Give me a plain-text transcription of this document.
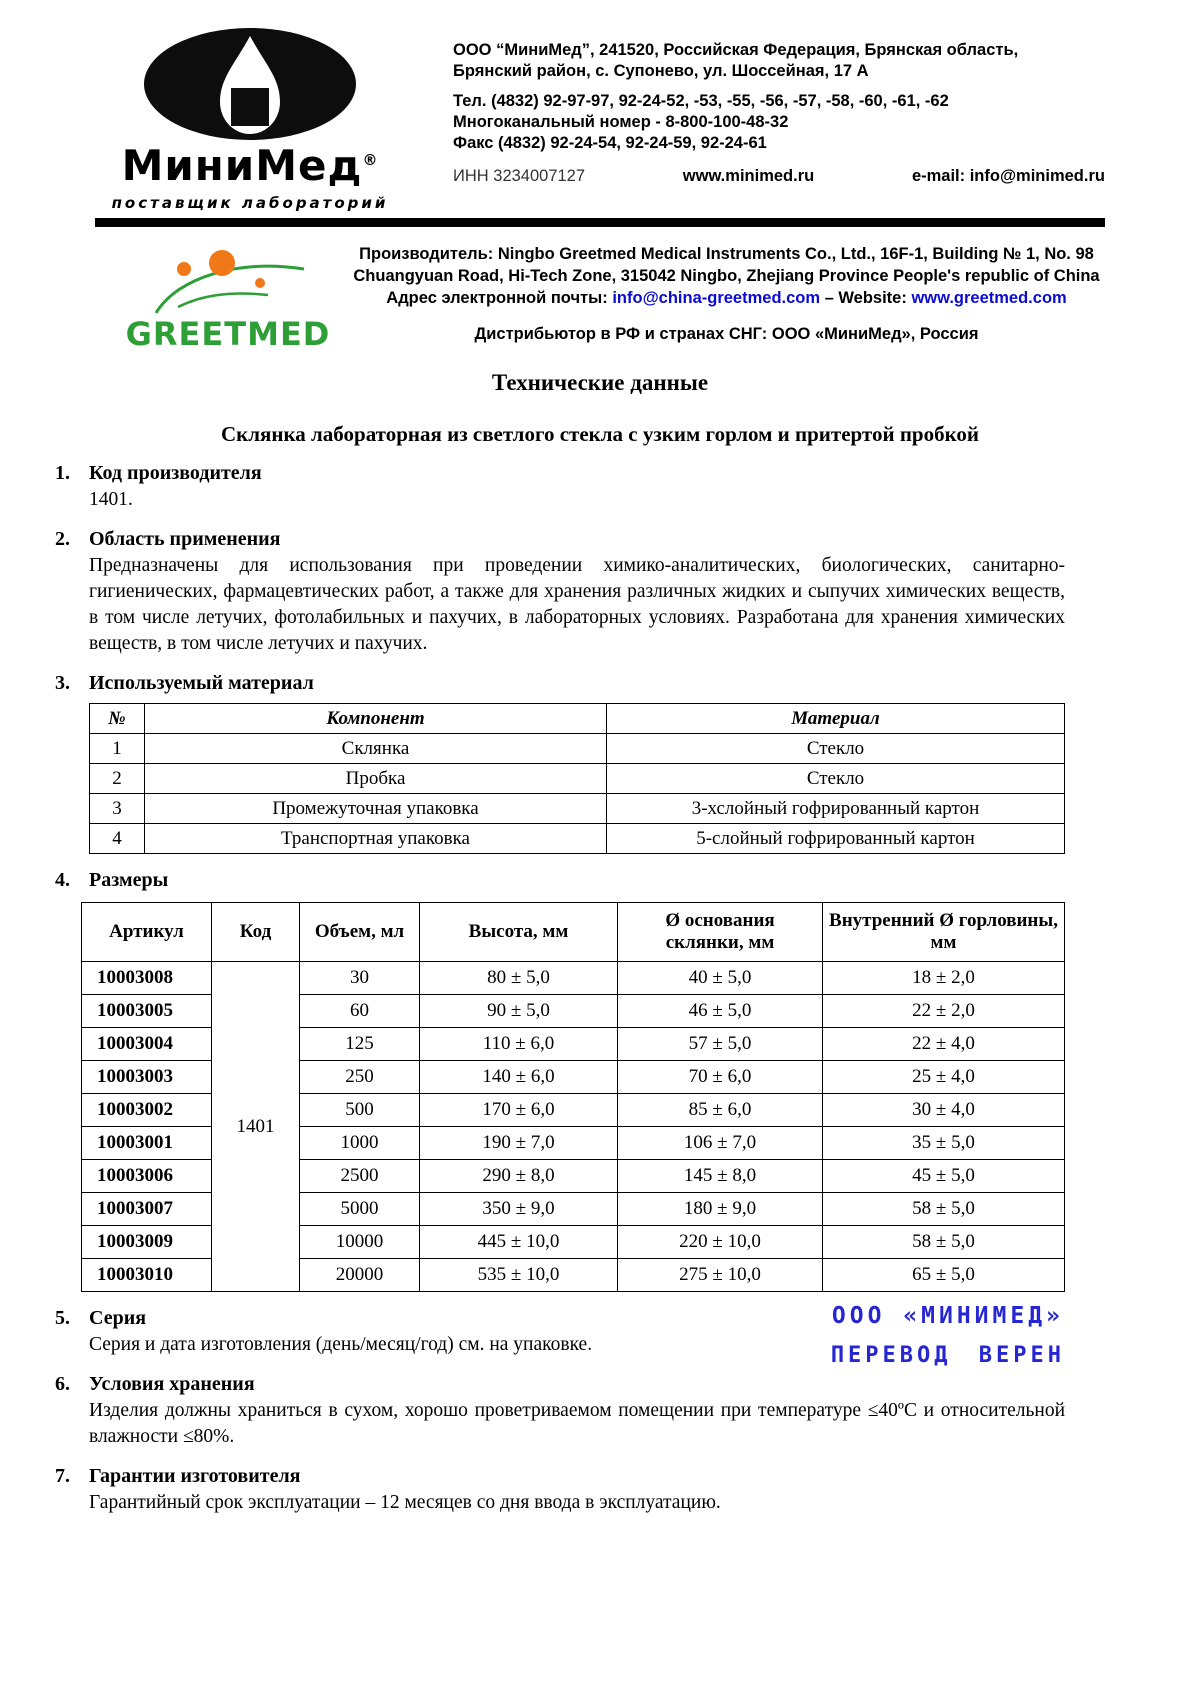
МиниМед®
поставщик лабораторий
ООО “МиниМед”, 241520, Российская Федерация, Брянская область,
Брянский район, с. Супонево, ул. Шоссейная, 17 А
Тел. (4832) 92-97-97, 92-24-52, -53, -55, -56, -57, -58, -60, -61, -62
Многоканальный номер - 8-800-100-48-32
Факс (4832) 92-24-54, 92-24-59, 92-24-61
ИНН 3234007127	www.minimed.ru	e-mail: info@minimed.ru
GREETMED
Производитель: Ningbo Greetmed Medical Instruments Co., Ltd., 16F-1, Building № 1, No. 98
Chuangyuan Road, Hi-Tech Zone, 315042 Ningbo, Zhejiang Province People's republic of China
Адрес электронной почты: info@china-greetmed.com – Website: www.greetmed.com
Дистрибьютор в РФ и странах СНГ: ООО «МиниМед», Россия
Технические данные
Склянка лабораторная из светлого стекла с узким горлом и притертой пробкой
1. Код производителя
1401.
2. Область применения
Предназначены для использования при проведении химико-аналитических, биологических, санитарно-гигиенических, фармацевтических работ, а также для хранения различных жидких и сыпучих химических веществ, в том числе летучих, фотолабильных и пахучих, в лабораторных условиях. Разработана для хранения химических веществ, в том числе летучих и пахучих.
3. Используемый материал
№	Компонент	Материал
1	Склянка	Стекло
2	Пробка	Стекло
3	Промежуточная упаковка	3-хслойный гофрированный картон
4	Транспортная упаковка	5-слойный гофрированный картон
4. Размеры
Артикул	Код	Объем, мл	Высота, мм	Ø основания склянки, мм	Внутренний Ø горловины, мм
10003008	1401	30	80 ± 5,0	40 ± 5,0	18 ± 2,0
10003005		60	90 ± 5,0	46 ± 5,0	22 ± 2,0
10003004		125	110 ± 6,0	57 ± 5,0	22 ± 4,0
10003003		250	140 ± 6,0	70 ± 6,0	25 ± 4,0
10003002		500	170 ± 6,0	85 ± 6,0	30 ± 4,0
10003001		1000	190 ± 7,0	106 ± 7,0	35 ± 5,0
10003006		2500	290 ± 8,0	145 ± 8,0	45 ± 5,0
10003007		5000	350 ± 9,0	180 ± 9,0	58 ± 5,0
10003009		10000	445 ± 10,0	220 ± 10,0	58 ± 5,0
10003010		20000	535 ± 10,0	275 ± 10,0	65 ± 5,0
5. Серия
Серия и дата изготовления (день/месяц/год) см. на упаковке.
ООО «МИНИМЕД»
ПЕРЕВОД ВЕРЕН
6. Условия хранения
Изделия должны храниться в сухом, хорошо проветриваемом помещении при температуре ≤40ºС и относительной влажности ≤80%.
7. Гарантии изготовителя
Гарантийный срок эксплуатации – 12 месяцев со дня ввода в эксплуатацию.
